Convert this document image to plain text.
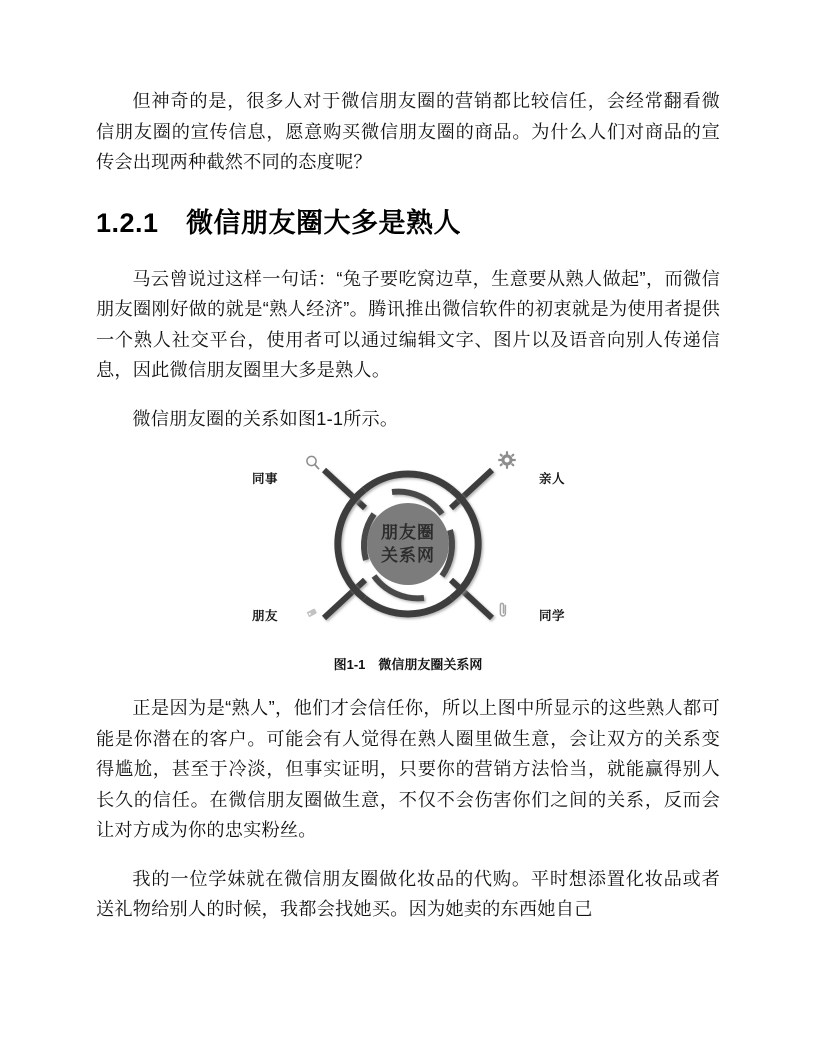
但神奇的是，很多人对于微信朋友圈的营销都比较信任，会经常翻看微信朋友圈的宣传信息，愿意购买微信朋友圈的商品。为什么人们对商品的宣传会出现两种截然不同的态度呢？

1.2.1　微信朋友圈大多是熟人

马云曾说过这样一句话：“兔子要吃窝边草，生意要从熟人做起”，而微信朋友圈刚好做的就是“熟人经济”。腾讯推出微信软件的初衷就是为使用者提供一个熟人社交平台，使用者可以通过编辑文字、图片以及语音向别人传递信息，因此微信朋友圈里大多是熟人。

微信朋友圈的关系如图1-1所示。

朋友圈
关系网
同事	亲人
朋友	同学
图1-1　微信朋友圈关系网

正是因为是“熟人”，他们才会信任你，所以上图中所显示的这些熟人都可能是你潜在的客户。可能会有人觉得在熟人圈里做生意，会让双方的关系变得尴尬，甚至于冷淡，但事实证明，只要你的营销方法恰当，就能赢得别人长久的信任。在微信朋友圈做生意，不仅不会伤害你们之间的关系，反而会让对方成为你的忠实粉丝。

我的一位学妹就在微信朋友圈做化妆品的代购。平时想添置化妆品或者送礼物给别人的时候，我都会找她买。因为她卖的东西她自己
